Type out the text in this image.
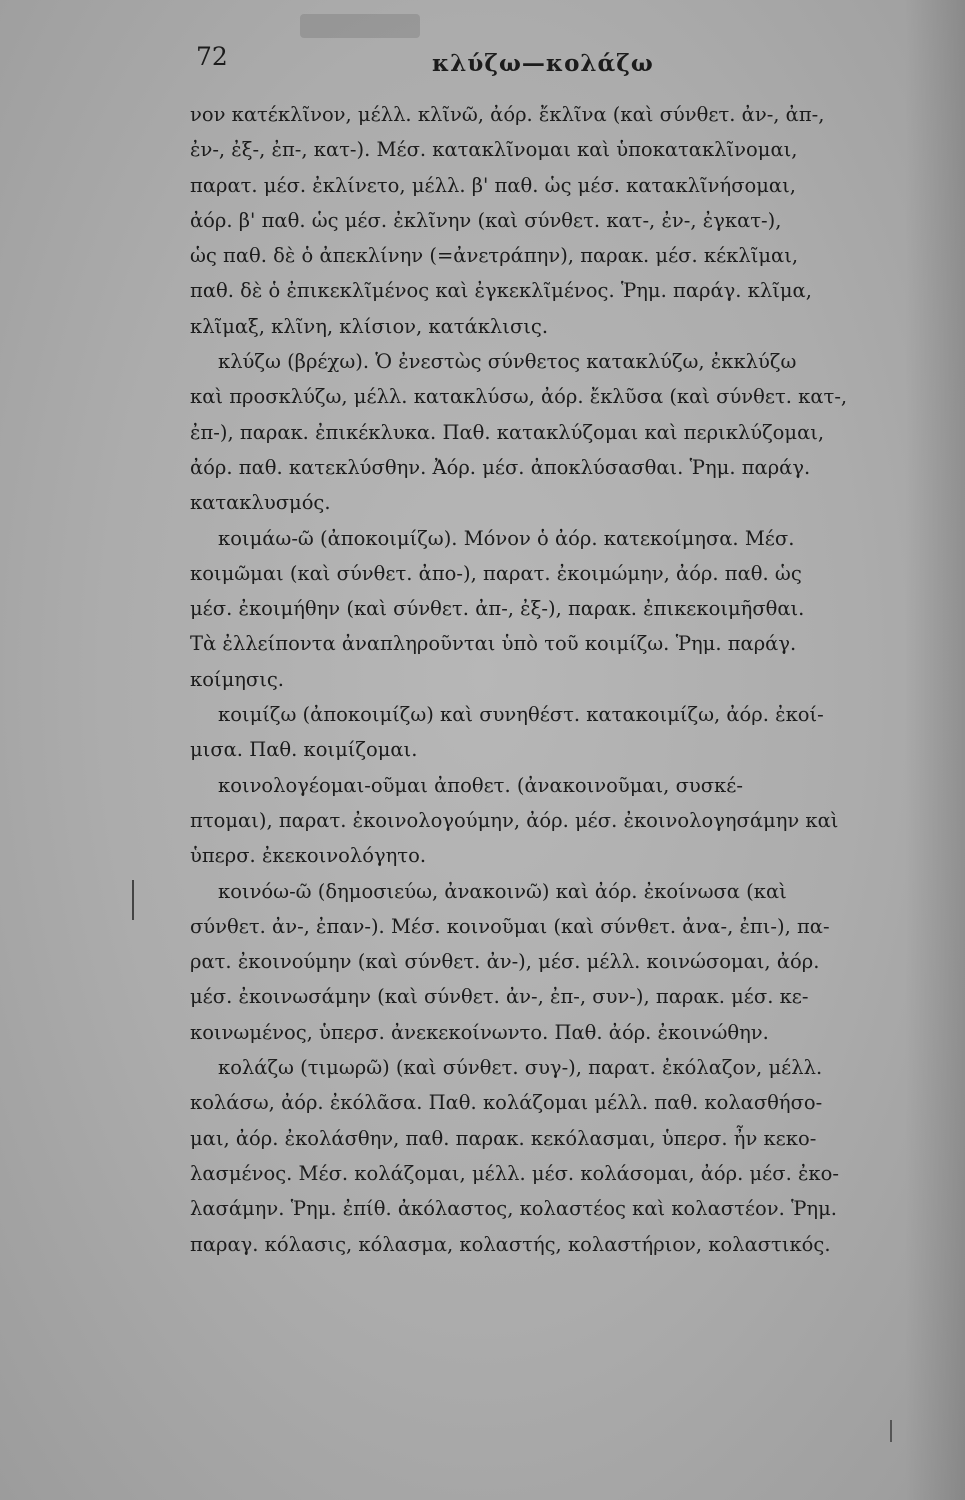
72	κλύζω—κολάζω
νον κατέκλῖνον, μέλλ. κλῖνῶ, ἀόρ. ἔκλῖνα (καὶ σύνθετ. ἀν-, ἀπ-,
ἐν-, ἐξ-, ἐπ-, κατ-). Μέσ. κατακλῖνομαι καὶ ὑποκατακλῖνομαι,
παρατ. μέσ. ἐκλίνετο, μέλλ. β' παθ. ὡς μέσ. κατακλῖνήσομαι,
ἀόρ. β' παθ. ὡς μέσ. ἐκλῖνην (καὶ σύνθετ. κατ-, ἐν-, ἐγκατ-),
ὡς παθ. δὲ ὁ ἀπεκλίνην (=ἀνετράπην), παρακ. μέσ. κέκλῖμαι,
παθ. δὲ ὁ ἐπικεκλῖμένος καὶ ἐγκεκλῖμένος. Ῥημ. παράγ. κλῖμα,
κλῖμαξ, κλῖνη, κλίσιον, κατάκλισις.
κλύζω (βρέχω). Ὁ ἐνεστὼς σύνθετος κατακλύζω, ἐκκλύζω
καὶ προσκλύζω, μέλλ. κατακλύσω, ἀόρ. ἔκλῦσα (καὶ σύνθετ. κατ-,
ἐπ-), παρακ. ἐπικέκλυκα. Παθ. κατακλύζομαι καὶ περικλύζομαι,
ἀόρ. παθ. κατεκλύσθην. Ἀόρ. μέσ. ἀποκλύσασθαι. Ῥημ. παράγ.
κατακλυσμός.
κοιμάω-ῶ (ἀποκοιμίζω). Μόνον ὁ ἀόρ. κατεκοίμησα. Μέσ.
κοιμῶμαι (καὶ σύνθετ. ἀπο-), παρατ. ἐκοιμώμην, ἀόρ. παθ. ὡς
μέσ. ἐκοιμήθην (καὶ σύνθετ. ἀπ-, ἐξ-), παρακ. ἐπικεκοιμῆσθαι.
Τὰ ἐλλείποντα ἀναπληροῦνται ὑπὸ τοῦ κοιμίζω. Ῥημ. παράγ.
κοίμησις.
κοιμίζω (ἀποκοιμίζω) καὶ συνηθέστ. κατακοιμίζω, ἀόρ. ἐκοί-
μισα. Παθ. κοιμίζομαι.
κοινολογέομαι-οῦμαι ἀποθετ. (ἀνακοινοῦμαι, συσκέ-
πτομαι), παρατ. ἐκοινολογούμην, ἀόρ. μέσ. ἐκοινολογησάμην καὶ
ὑπερσ. ἐκεκοινολόγητο.
κοινόω-ῶ (δημοσιεύω, ἀνακοινῶ) καὶ ἀόρ. ἐκοίνωσα (καὶ
σύνθετ. ἀν-, ἐπαν-). Μέσ. κοινοῦμαι (καὶ σύνθετ. ἀνα-, ἐπι-), πα-
ρατ. ἐκοινούμην (καὶ σύνθετ. ἀν-), μέσ. μέλλ. κοινώσομαι, ἀόρ.
μέσ. ἐκοινωσάμην (καὶ σύνθετ. ἀν-, ἐπ-, συν-), παρακ. μέσ. κε-
κοινωμένος, ὑπερσ. ἀνεκεκοίνωντο. Παθ. ἀόρ. ἐκοινώθην.
κολάζω (τιμωρῶ) (καὶ σύνθετ. συγ-), παρατ. ἐκόλαζον, μέλλ.
κολάσω, ἀόρ. ἐκόλᾶσα. Παθ. κολάζομαι μέλλ. παθ. κολασθήσο-
μαι, ἀόρ. ἐκολάσθην, παθ. παρακ. κεκόλασμαι, ὑπερσ. ἦν κεκο-
λασμένος. Μέσ. κολάζομαι, μέλλ. μέσ. κολάσομαι, ἀόρ. μέσ. ἐκο-
λασάμην. Ῥημ. ἐπίθ. ἀκόλαστος, κολαστέος καὶ κολαστέον. Ῥημ.
παραγ. κόλασις, κόλασμα, κολαστής, κολαστήριον, κολαστικός.
